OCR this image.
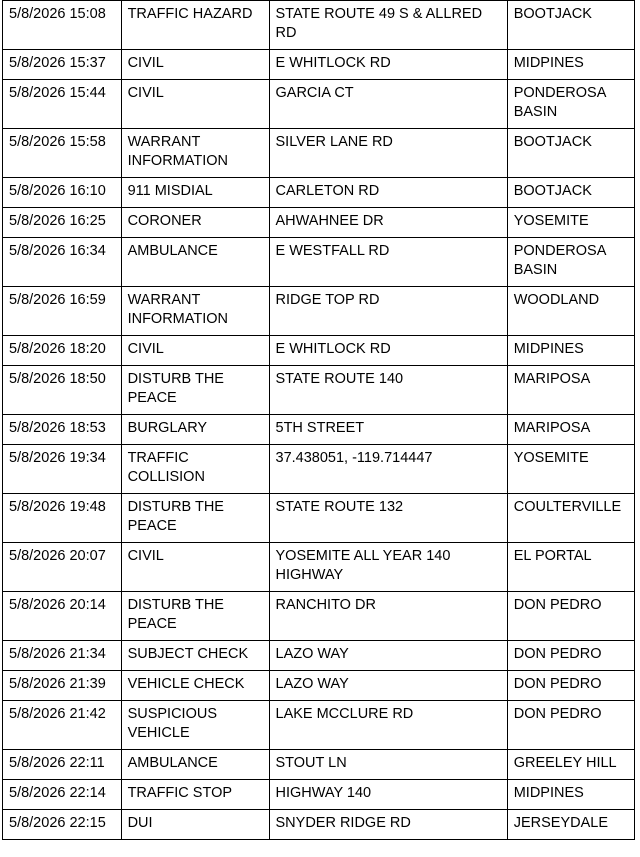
5/8/2026 15:08	TRAFFIC HAZARD	STATE ROUTE 49 S & ALLRED RD	BOOTJACK
5/8/2026 15:37	CIVIL	E WHITLOCK RD	MIDPINES
5/8/2026 15:44	CIVIL	GARCIA CT	PONDEROSA BASIN
5/8/2026 15:58	WARRANT INFORMATION	SILVER LANE RD	BOOTJACK
5/8/2026 16:10	911 MISDIAL	CARLETON RD	BOOTJACK
5/8/2026 16:25	CORONER	AHWAHNEE DR	YOSEMITE
5/8/2026 16:34	AMBULANCE	E WESTFALL RD	PONDEROSA BASIN
5/8/2026 16:59	WARRANT INFORMATION	RIDGE TOP RD	WOODLAND
5/8/2026 18:20	CIVIL	E WHITLOCK RD	MIDPINES
5/8/2026 18:50	DISTURB THE PEACE	STATE ROUTE 140	MARIPOSA
5/8/2026 18:53	BURGLARY	5TH STREET	MARIPOSA
5/8/2026 19:34	TRAFFIC COLLISION	37.438051, -119.714447	YOSEMITE
5/8/2026 19:48	DISTURB THE PEACE	STATE ROUTE 132	COULTERVILLE
5/8/2026 20:07	CIVIL	YOSEMITE ALL YEAR 140 HIGHWAY	EL PORTAL
5/8/2026 20:14	DISTURB THE PEACE	RANCHITO DR	DON PEDRO
5/8/2026 21:34	SUBJECT CHECK	LAZO WAY	DON PEDRO
5/8/2026 21:39	VEHICLE CHECK	LAZO WAY	DON PEDRO
5/8/2026 21:42	SUSPICIOUS VEHICLE	LAKE MCCLURE RD	DON PEDRO
5/8/2026 22:11	AMBULANCE	STOUT LN	GREELEY HILL
5/8/2026 22:14	TRAFFIC STOP	HIGHWAY 140	MIDPINES
5/8/2026 22:15	DUI	SNYDER RIDGE RD	JERSEYDALE
